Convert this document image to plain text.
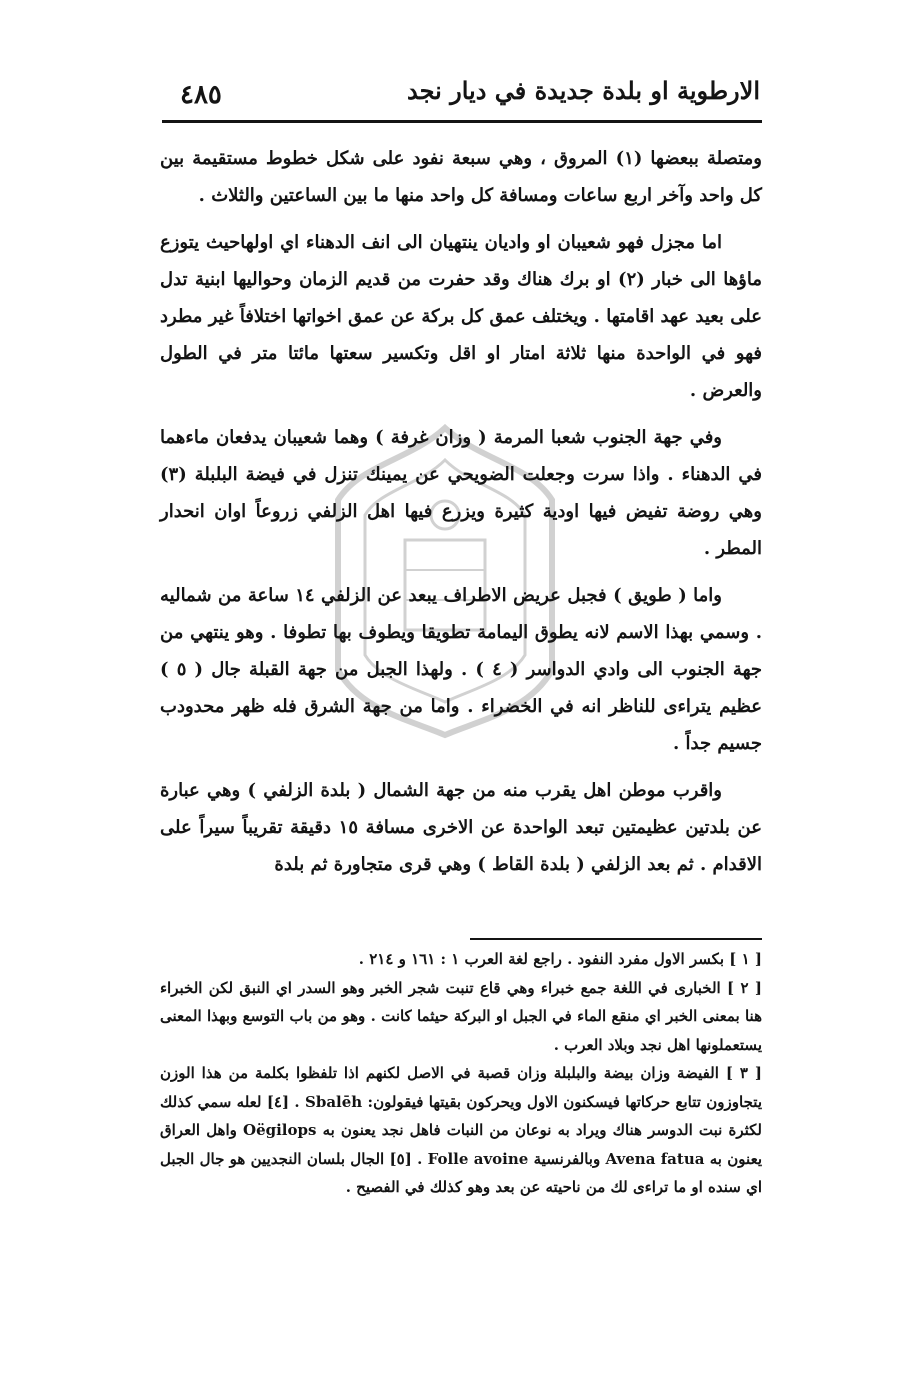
٤٨٥	الارطوية او بلدة جديدة في ديار نجد

ومتصلة ببعضها (١) المروق ، وهي سبعة نفود على شكل خطوط مستقيمة بين كل واحد وآخر اربع ساعات ومسافة كل واحد منها ما بين الساعتين والثلاث .

اما مجزل فهو شعيبان او واديان ينتهيان الى انف الدهناء اي اولهاحيث يتوزع ماؤها الى خبار (٢) او برك هناك وقد حفرت من قديم الزمان وحواليها ابنية تدل على بعيد عهد اقامتها . ويختلف عمق كل بركة عن عمق اخواتها اختلافاً غير مطرد فهو في الواحدة منها ثلاثة امتار او اقل وتكسير سعتها مائتا متر في الطول والعرض .

وفي جهة الجنوب شعبا المرمة ( وزان غرفة ) وهما شعيبان يدفعان ماءهما في الدهناء . واذا سرت وجعلت الضويحي عن يمينك تنزل في فيضة البلبلة (٣) وهي روضة تفيض فيها اودية كثيرة ويزرع فيها اهل الزلفي زروعاً اوان انحدار المطر .

واما ( طويق ) فجبل عريض الاطراف يبعد عن الزلفي ١٤ ساعة من شماليه . وسمي بهذا الاسم لانه يطوق اليمامة تطويقا ويطوف بها تطوفا . وهو ينتهي من جهة الجنوب الى وادي الدواسر ( ٤ ) . ولهذا الجبل من جهة القبلة جال ( ٥ ) عظيم يتراءى للناظر انه في الخضراء . واما من جهة الشرق فله ظهر محدودب جسيم جداً .

واقرب موطن اهل يقرب منه من جهة الشمال ( بلدة الزلفي ) وهي عبارة عن بلدتين عظيمتين تبعد الواحدة عن الاخرى مسافة ١٥ دقيقة تقريباً سيراً على الاقدام . ثم بعد الزلفي ( بلدة القاط ) وهي قرى متجاورة ثم بلدة

[ ١ ] بكسر الاول مفرد النفود . راجع لغة العرب ١ : ١٦١ و ٢١٤ .

[ ٢ ] الخبارى في اللغة جمع خبراء وهي قاع تنبت شجر الخبر وهو السدر اي النبق لكن الخبراء هنا بمعنى الخبر اي منقع الماء في الجبل او البركة حيثما كانت . وهو من باب التوسع وبهذا المعنى يستعملونها اهل نجد وبلاد العرب .

[ ٣ ] الفيضة وزان بيضة والبلبلة وزان قصبة في الاصل لكنهم اذا تلفظوا بكلمة من هذا الوزن يتجاوزون تتابع حركاتها فيسكنون الاول ويحركون بقيتها فيقولون: Sbalēh . [٤] لعله سمي كذلك لكثرة نبت الدوسر هناك ويراد به نوعان من النبات فاهل نجد يعنون به Oëgilops واهل العراق يعنون به Avena fatua وبالفرنسية Folle avoine . [٥] الجال بلسان النجديين هو جال الجبل اي سنده او ما تراءى لك من ناحيته عن بعد وهو كذلك في الفصيح .
